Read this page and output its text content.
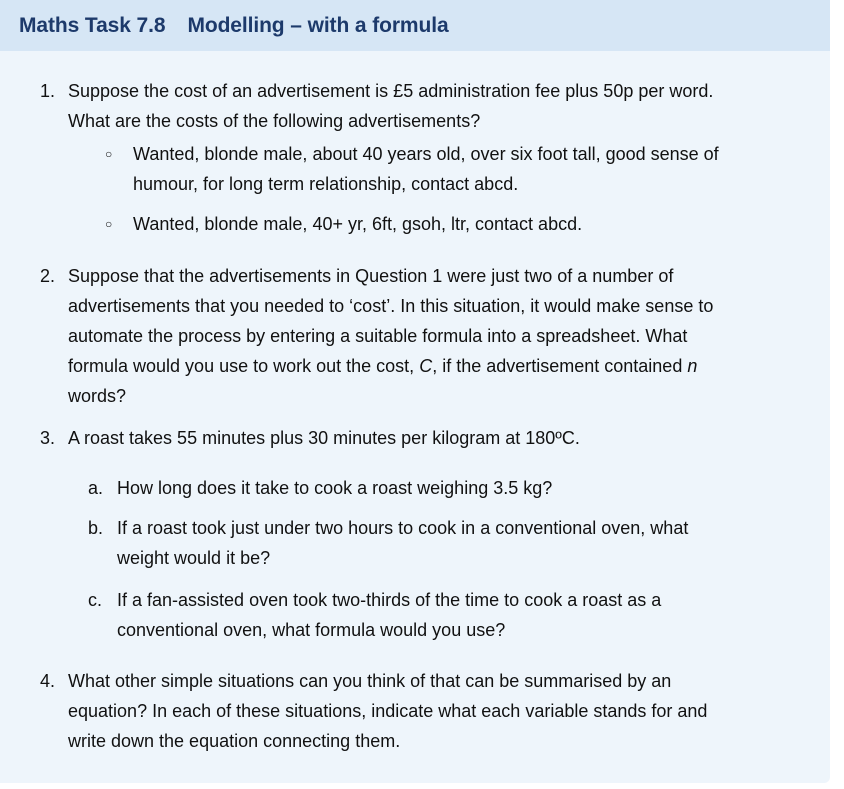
Maths Task 7.8 Modelling – with a formula
1. Suppose the cost of an advertisement is £5 administration fee plus 50p per word.
What are the costs of the following advertisements?
○ Wanted, blonde male, about 40 years old, over six foot tall, good sense of
humour, for long term relationship, contact abcd.
○ Wanted, blonde male, 40+ yr, 6ft, gsoh, ltr, contact abcd.
2. Suppose that the advertisements in Question 1 were just two of a number of
advertisements that you needed to ‘cost’. In this situation, it would make sense to
automate the process by entering a suitable formula into a spreadsheet. What
formula would you use to work out the cost, C, if the advertisement contained n
words?
3. A roast takes 55 minutes plus 30 minutes per kilogram at 180ºC.
a. How long does it take to cook a roast weighing 3.5 kg?
b. If a roast took just under two hours to cook in a conventional oven, what
weight would it be?
c. If a fan-assisted oven took two-thirds of the time to cook a roast as a
conventional oven, what formula would you use?
4. What other simple situations can you think of that can be summarised by an
equation? In each of these situations, indicate what each variable stands for and
write down the equation connecting them.
